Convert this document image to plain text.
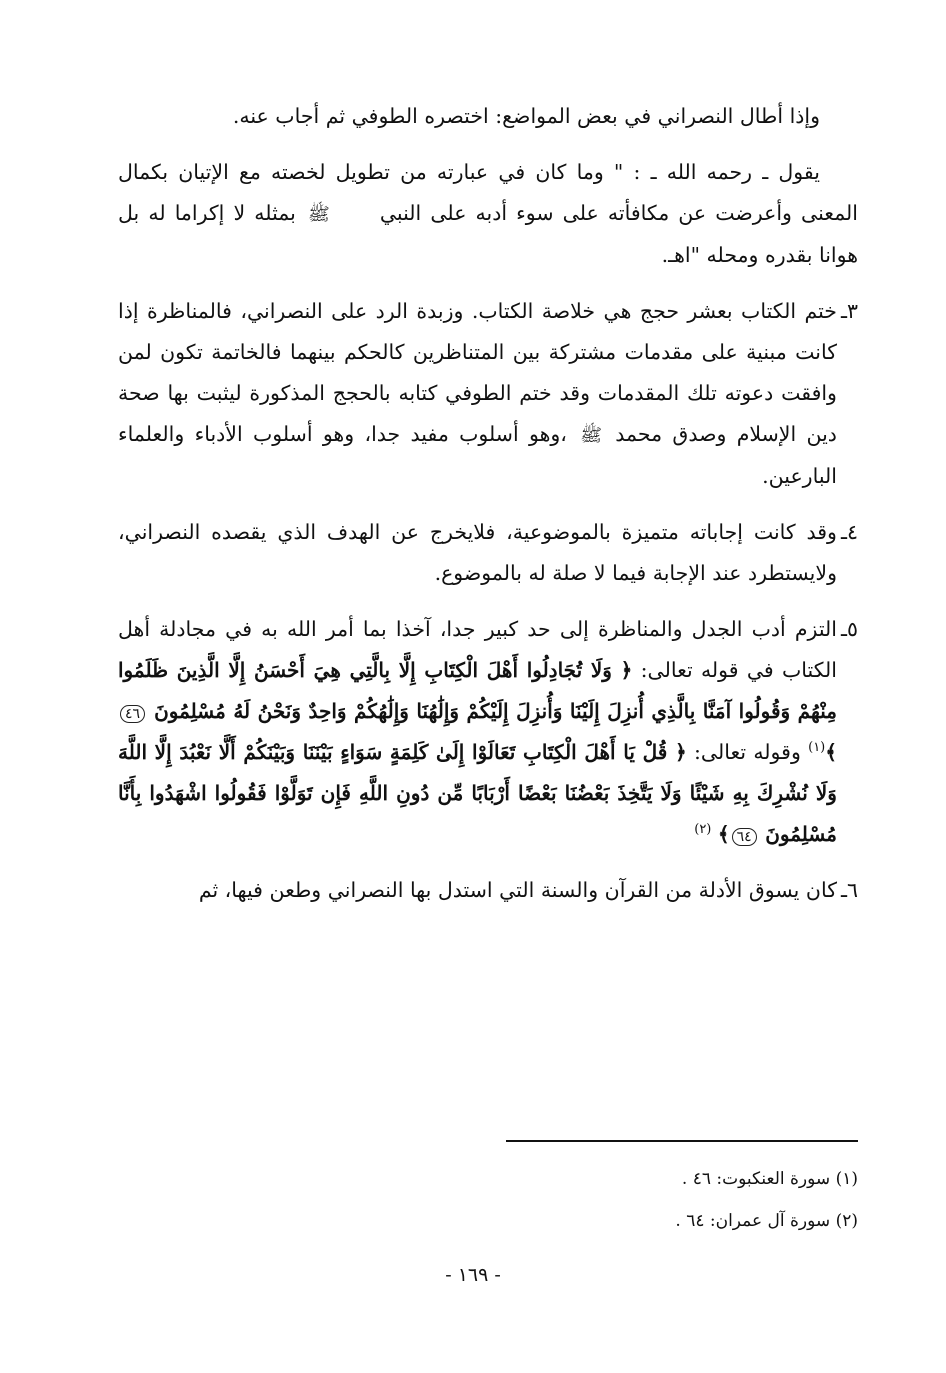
وإذا أطال النصراني في بعض المواضع: اختصره الطوفي ثم أجاب عنه.

يقول ـ رحمه الله ـ : " وما كان في عبارته من تطويل لخصته مع الإتيان بكمال المعنى وأعرضت عن مكافأته على سوء أدبه على النبي ﷺ بمثله لا إكراما له بل هوانا بقدره ومحله "اهـ.

٣ـ
ختم الكتاب بعشر حجج هي خلاصة الكتاب. وزبدة الرد على النصراني، فالمناظرة إذا كانت مبنية على مقدمات مشتركة بين المتناظرين كالحكم بينهما فالخاتمة تكون لمن وافقت دعوته تلك المقدمات وقد ختم الطوفي كتابه بالحجج المذكورة ليثبت بها صحة دين الإسلام وصدق محمد ﷺ ،وهو أسلوب مفيد جدا، وهو أسلوب الأدباء والعلماء البارعين.
٤ـ
وقد كانت إجاباته متميزة بالموضوعية، فلايخرج عن الهدف الذي يقصده النصراني، ولايستطرد عند الإجابة فيما لا صلة له بالموضوع.
٥ـ
التزم أدب الجدل والمناظرة إلى حد كبير جدا، آخذا بما أمر الله به في مجادلة أهل الكتاب في قوله تعالى: ﴿ وَلَا تُجَادِلُوا أَهْلَ الْكِتَابِ إِلَّا بِالَّتِي هِيَ أَحْسَنُ إِلَّا الَّذِينَ ظَلَمُوا مِنْهُمْ وَقُولُوا آمَنَّا بِالَّذِي أُنزِلَ إِلَيْنَا وَأُنزِلَ إِلَيْكُمْ وَإِلَٰهُنَا وَإِلَٰهُكُمْ وَاحِدٌ وَنَحْنُ لَهُ مُسْلِمُونَ ٤٦﴾$^{(١)}$ وقوله تعالى: ﴿ قُلْ يَا أَهْلَ الْكِتَابِ تَعَالَوْا إِلَىٰ كَلِمَةٍ سَوَاءٍ بَيْنَنَا وَبَيْنَكُمْ أَلَّا نَعْبُدَ إِلَّا اللَّهَ وَلَا نُشْرِكَ بِهِ شَيْئًا وَلَا يَتَّخِذَ بَعْضُنَا بَعْضًا أَرْبَابًا مِّن دُونِ اللَّهِ فَإِن تَوَلَّوْا فَقُولُوا اشْهَدُوا بِأَنَّا مُسْلِمُونَ ٦٤﴾ $^{(٢)}$
٦ـ
كان يسوق الأدلة من القرآن والسنة التي استدل بها النصراني وطعن فيها، ثم
(١) سورة العنكبوت: ٤٦ .
(٢) سورة آل عمران: ٦٤ .
- ١٦٩ -
